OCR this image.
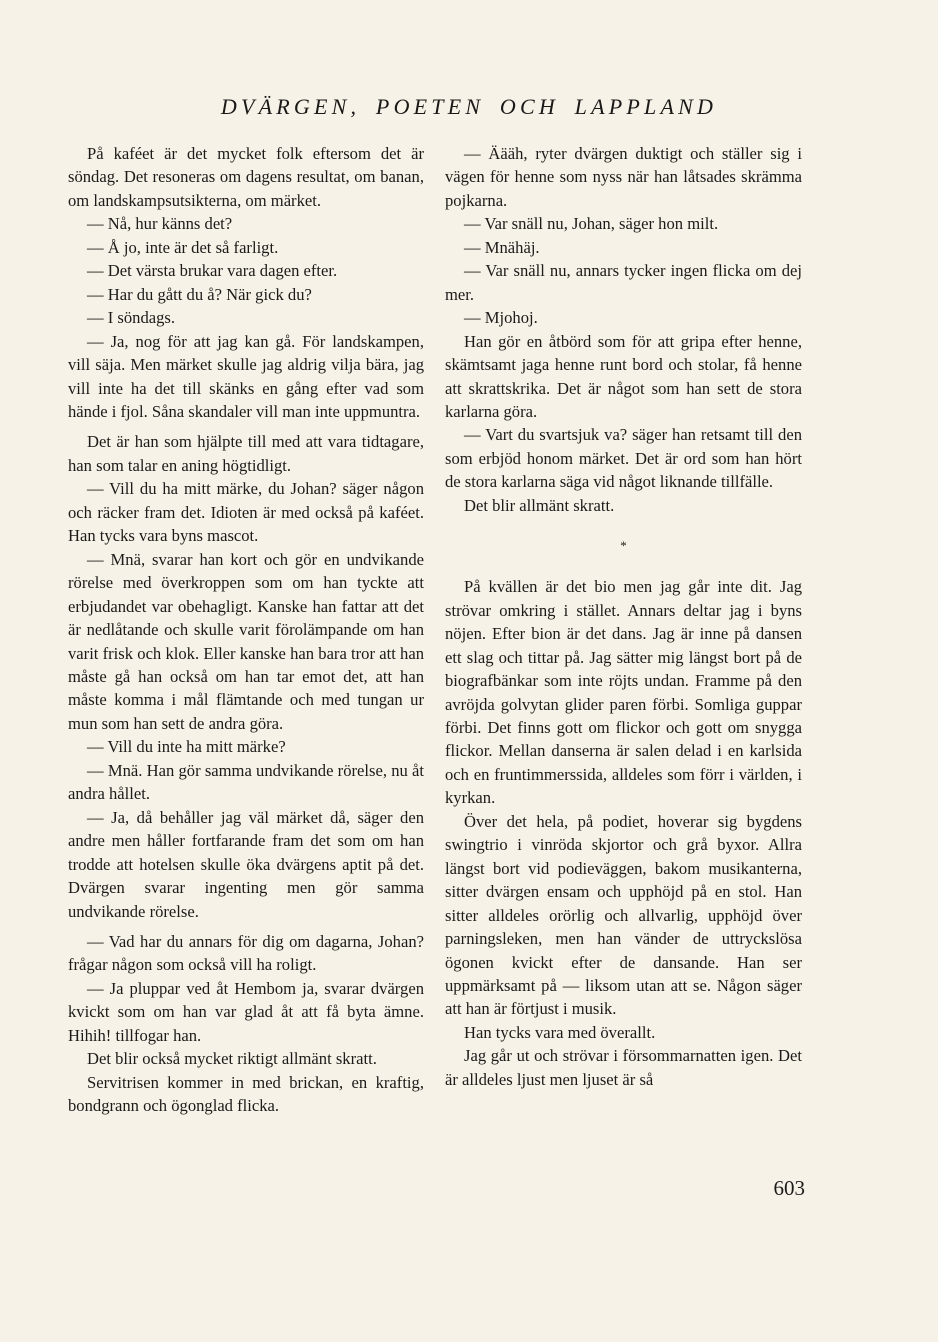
DVÄRGEN, POETEN OCH LAPPLAND

På kaféet är det mycket folk eftersom det är söndag. Det resoneras om dagens resultat, om banan, om landskampsutsikterna, om märket.

— Nå, hur känns det?

— Å jo, inte är det så farligt.

— Det värsta brukar vara dagen efter.

— Har du gått du å? När gick du?

— I söndags.

— Ja, nog för att jag kan gå. För landskampen, vill säja. Men märket skulle jag aldrig vilja bära, jag vill inte ha det till skänks en gång efter vad som hände i fjol. Såna skandaler vill man inte uppmuntra.

Det är han som hjälpte till med att vara tidtagare, han som talar en aning högtidligt.

— Vill du ha mitt märke, du Johan? säger någon och räcker fram det. Idioten är med också på kaféet. Han tycks vara byns mascot.

— Mnä, svarar han kort och gör en undvikande rörelse med överkroppen som om han tyckte att erbjudandet var obehagligt. Kanske han fattar att det är nedlåtande och skulle varit förolämpande om han varit frisk och klok. Eller kanske han bara tror att han måste gå han också om han tar emot det, att han måste komma i mål flämtande och med tungan ur mun som han sett de andra göra.

— Vill du inte ha mitt märke?

— Mnä. Han gör samma undvikande rörelse, nu åt andra hållet.

— Ja, då behåller jag väl märket då, säger den andre men håller fortfarande fram det som om han trodde att hotelsen skulle öka dvärgens aptit på det. Dvärgen svarar ingenting men gör samma undvikande rörelse.

— Vad har du annars för dig om dagarna, Johan? frågar någon som också vill ha roligt.

— Ja pluppar ved åt Hembom ja, svarar dvärgen kvickt som om han var glad åt att få byta ämne. Hihih! tillfogar han.

Det blir också mycket riktigt allmänt skratt.

Servitrisen kommer in med brickan, en kraftig, bondgrann och ögonglad flicka.

— Äääh, ryter dvärgen duktigt och ställer sig i vägen för henne som nyss när han låtsades skrämma pojkarna.

— Var snäll nu, Johan, säger hon milt.

— Mnähäj.

— Var snäll nu, annars tycker ingen flicka om dej mer.

— Mjohoj.

Han gör en åtbörd som för att gripa efter henne, skämtsamt jaga henne runt bord och stolar, få henne att skrattskrika. Det är något som han sett de stora karlarna göra.

— Vart du svartsjuk va? säger han retsamt till den som erbjöd honom märket. Det är ord som han hört de stora karlarna säga vid något liknande tillfälle.

Det blir allmänt skratt.

*

På kvällen är det bio men jag går inte dit. Jag strövar omkring i stället. Annars deltar jag i byns nöjen. Efter bion är det dans. Jag är inne på dansen ett slag och tittar på. Jag sätter mig längst bort på de biografbänkar som inte röjts undan. Framme på den avröjda golvytan glider paren förbi. Somliga guppar förbi. Det finns gott om flickor och gott om snygga flickor. Mellan danserna är salen delad i en karlsida och en fruntimmerssida, alldeles som förr i världen, i kyrkan.

Över det hela, på podiet, hoverar sig bygdens swingtrio i vinröda skjortor och grå byxor. Allra längst bort vid podieväggen, bakom musikanterna, sitter dvärgen ensam och upphöjd på en stol. Han sitter alldeles orörlig och allvarlig, upphöjd över parningsleken, men han vänder de uttryckslösa ögonen kvickt efter de dansande. Han ser uppmärksamt på — liksom utan att se. Någon säger att han är förtjust i musik.

Han tycks vara med överallt.

Jag går ut och strövar i försommarnatten igen. Det är alldeles ljust men ljuset är så

603
